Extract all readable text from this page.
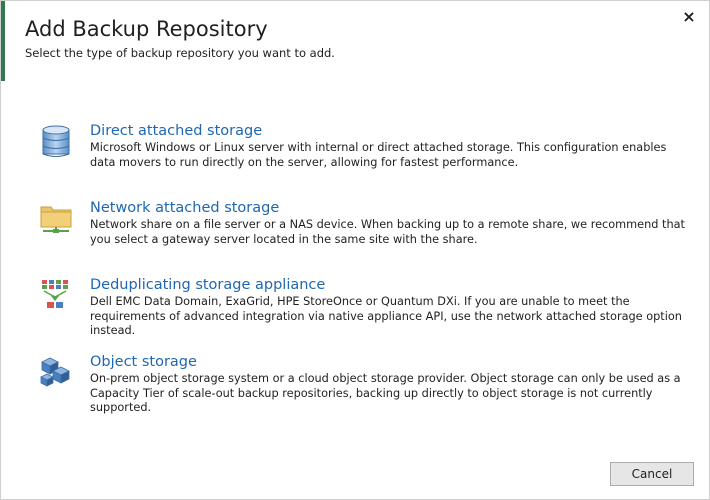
Add Backup Repository
Select the type of backup repository you want to add.
×
Direct attached storage
Microsoft Windows or Linux server with internal or direct attached storage. This configuration enables data movers to run directly on the server, allowing for fastest performance.
Network attached storage
Network share on a file server or a NAS device. When backing up to a remote share, we recommend that you select a gateway server located in the same site with the share.
Deduplicating storage appliance
Dell EMC Data Domain, ExaGrid, HPE StoreOnce or Quantum DXi. If you are unable to meet the requirements of advanced integration via native appliance API, use the network attached storage option instead.
Object storage
On-prem object storage system or a cloud object storage provider. Object storage can only be used as a Capacity Tier of scale-out backup repositories, backing up directly to object storage is not currently supported.
Cancel
